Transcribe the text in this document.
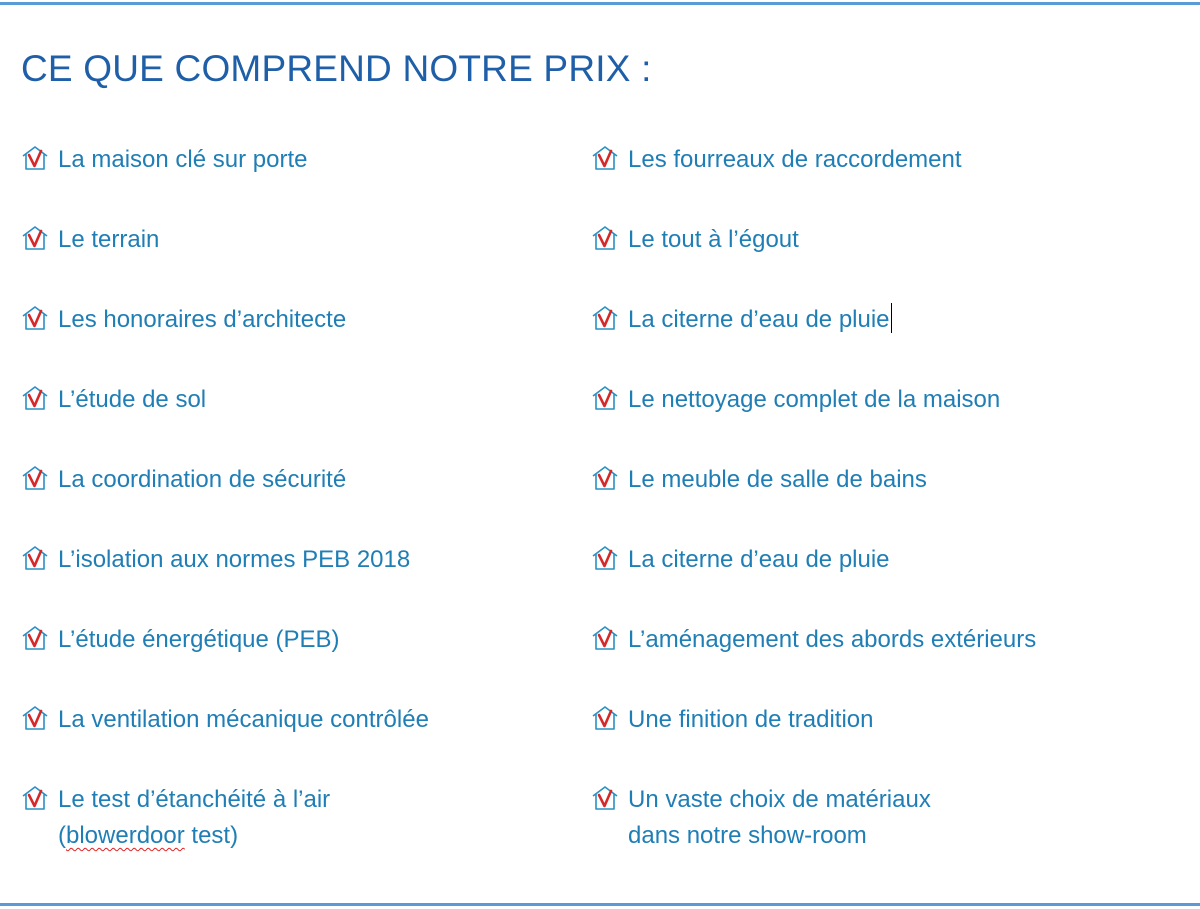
CE QUE COMPREND NOTRE PRIX :
La maison clé sur porte
Le terrain
Les honoraires d’architecte
L’étude de sol
La coordination de sécurité
L’isolation aux normes PEB 2018
L’étude énergétique (PEB)
La ventilation mécanique contrôlée
Le test d’étanchéité à l’air
(blowerdoor test)
Les fourreaux de raccordement
Le tout à l’égout
La citerne d’eau de pluie
Le nettoyage complet de la maison
Le meuble de salle de bains
La citerne d’eau de pluie
L’aménagement des abords extérieurs
Une finition de tradition
Un vaste choix de matériaux
dans notre show-room
